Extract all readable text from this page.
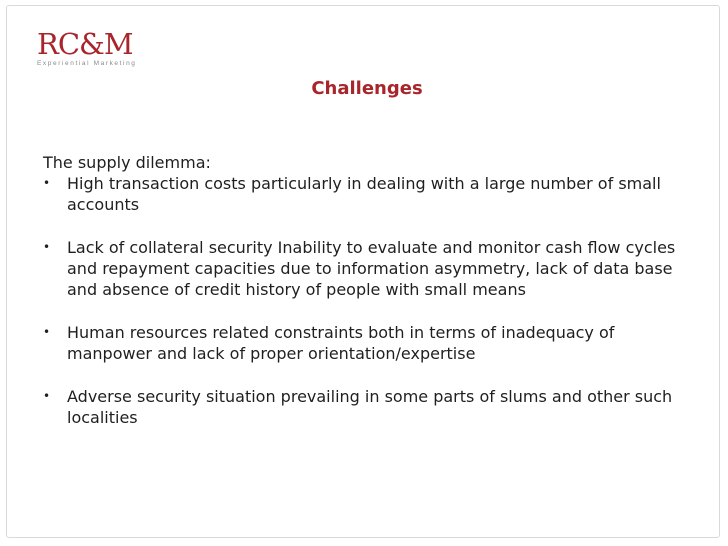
RC&M
Experiential Marketing
Challenges

The supply dilemma:

• High transaction costs particularly in dealing with a large number of small accounts
• Lack of collateral security Inability to evaluate and monitor cash flow cycles and repayment capacities due to information asymmetry, lack of data base and absence of credit history of people with small means
• Human resources related constraints both in terms of inadequacy of manpower and lack of proper orientation/expertise
• Adverse security situation prevailing in some parts of slums and other such localities
